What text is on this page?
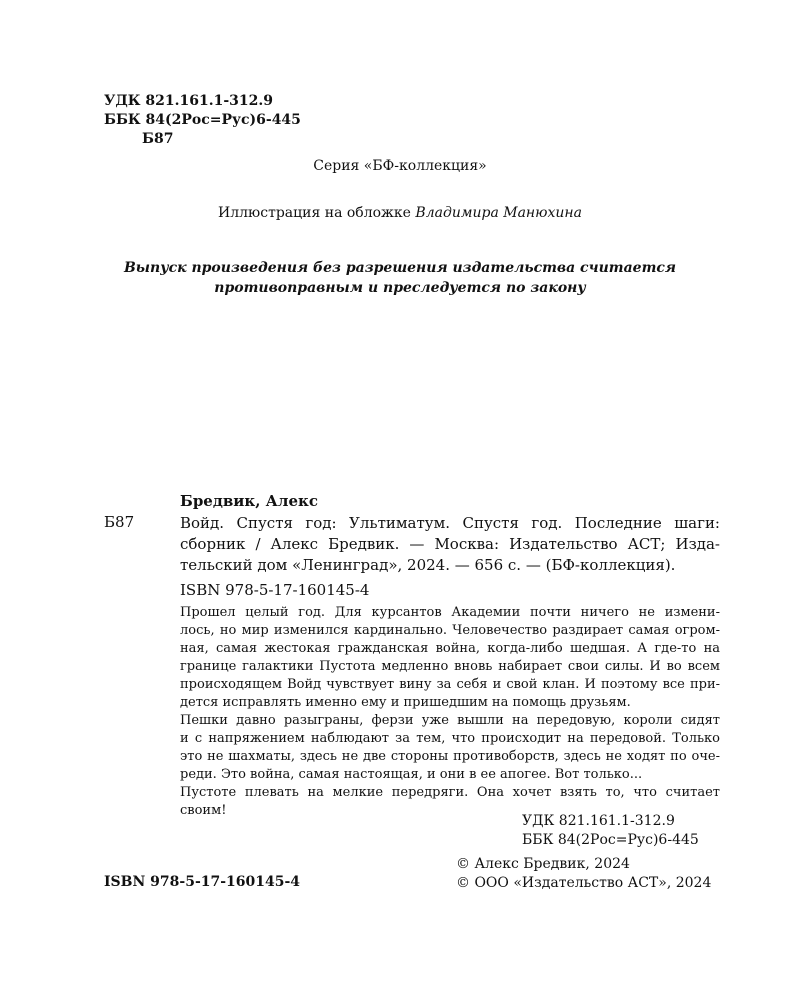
УДК 821.161.1-312.9
ББК 84(2Рос=Рус)6-445
Б87
Серия «БФ-коллекция»
Иллюстрация на обложке Владимира Манюхина
Выпуск произведения без разрешения издательства считается
противоправным и преследуется по закону
Бредвик, Алекс
Б87	Войд. Спустя год: Ультиматум. Спустя год. Последние шаги:
сборник / Алекс Бредвик. — Москва: Издательство АСТ; Изда-
тельский дом «Ленинград», 2024. — 656 с. — (БФ-коллекция).
ISBN 978-5-17-160145-4
Прошел целый год. Для курсантов Академии почти ничего не измени-
лось, но мир изменился кардинально. Человечество раздирает самая огром-
ная, самая жестокая гражданская война, когда-либо шедшая. А где-то на
границе галактики Пустота медленно вновь набирает свои силы. И во всем
происходящем Войд чувствует вину за себя и свой клан. И поэтому все при-
дется исправлять именно ему и пришедшим на помощь друзьям.
Пешки давно разыграны, ферзи уже вышли на передовую, короли сидят
и с напряжением наблюдают за тем, что происходит на передовой. Только
это не шахматы, здесь не две стороны противоборств, здесь не ходят по оче-
реди. Это война, самая настоящая, и они в ее апогее. Вот только...
Пустоте плевать на мелкие передряги. Она хочет взять то, что считает
своим!
УДК 821.161.1-312.9
ББК 84(2Рос=Рус)6-445
© Алекс Бредвик, 2024
© ООО «Издательство АСТ», 2024
ISBN 978-5-17-160145-4
